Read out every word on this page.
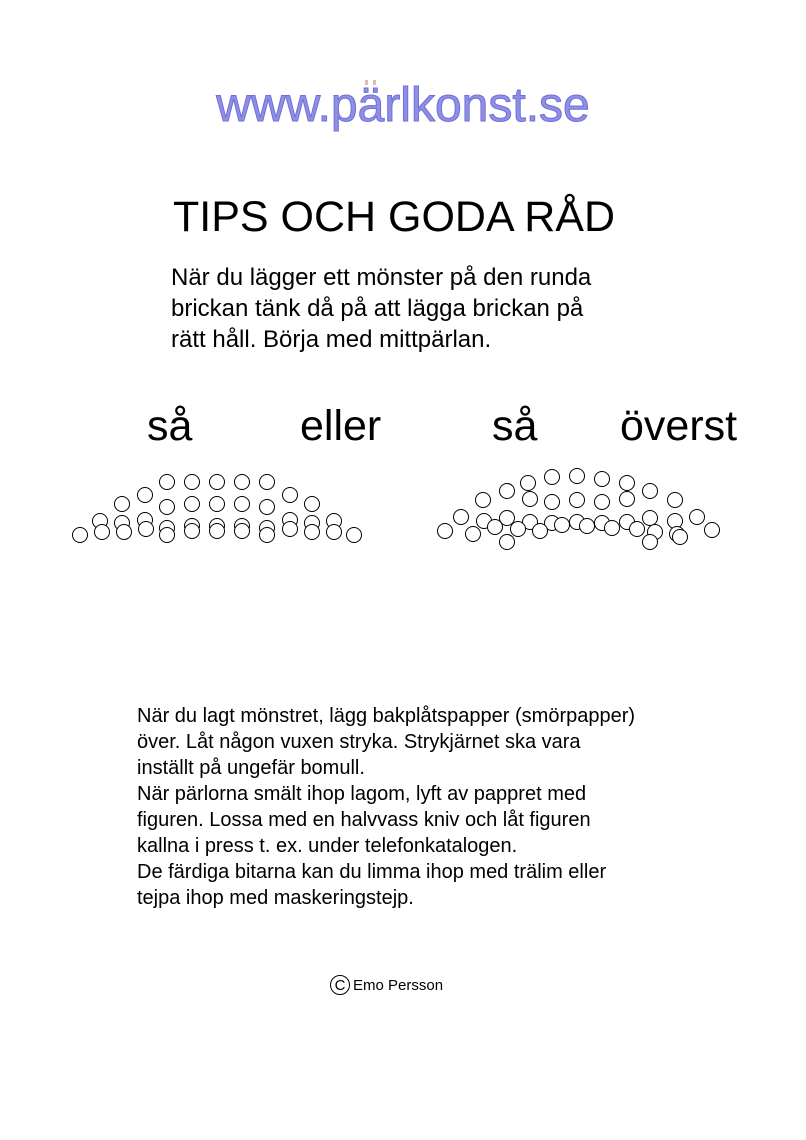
www.pärlkonst.se
TIPS OCH GODA RÅD
När du lägger ett mönster på den runda
brickan tänk då på att lägga brickan på
rätt håll. Börja med mittpärlan.
så	eller	så överst
När du lagt mönstret, lägg bakplåtspapper (smörpapper)
över. Låt någon vuxen stryka. Strykjärnet ska vara
inställt på ungefär bomull.
När pärlorna smält ihop lagom, lyft av pappret med
figuren. Lossa med en halvvass kniv och låt figuren
kallna i press t. ex. under telefonkatalogen.
De färdiga bitarna kan du limma ihop med trälim eller
tejpa ihop med maskeringstejp.
C Emo Persson
